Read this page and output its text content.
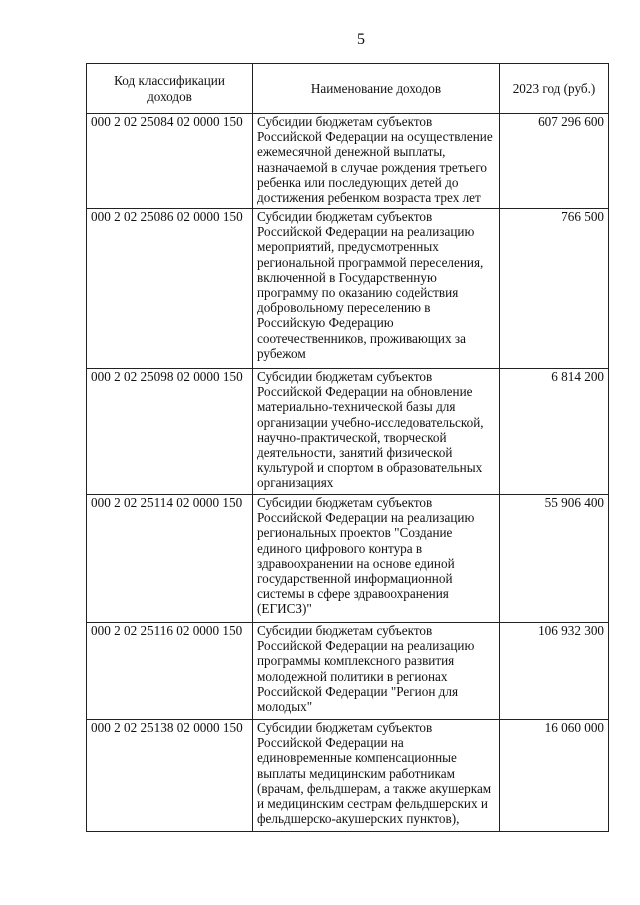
5
Код классификации доходов	Наименование доходов	2023 год (руб.)
000 2 02 25084 02 0000 150	Субсидии бюджетам субъектов Российской Федерации на осуществление ежемесячной денежной выплаты, назначаемой в случае рождения третьего ребенка или последующих детей до достижения ребенком возраста трех лет	607 296 600
000 2 02 25086 02 0000 150	Субсидии бюджетам субъектов Российской Федерации на реализацию мероприятий, предусмотренных региональной программой переселения, включенной в Государственную программу по оказанию содействия добровольному переселению в Российскую Федерацию соотечественников, проживающих за рубежом	766 500
000 2 02 25098 02 0000 150	Субсидии бюджетам субъектов Российской Федерации на обновление материально-технической базы для организации учебно-исследовательской, научно-практической, творческой деятельности, занятий физической культурой и спортом в образовательных организациях	6 814 200
000 2 02 25114 02 0000 150	Субсидии бюджетам субъектов Российской Федерации на реализацию региональных проектов "Создание единого цифрового контура в здравоохранении на основе единой государственной информационной системы в сфере здравоохранения (ЕГИСЗ)"	55 906 400
000 2 02 25116 02 0000 150	Субсидии бюджетам субъектов Российской Федерации на реализацию программы комплексного развития молодежной политики в регионах Российской Федерации "Регион для молодых"	106 932 300
000 2 02 25138 02 0000 150	Субсидии бюджетам субъектов Российской Федерации на единовременные компенсационные выплаты медицинским работникам (врачам, фельдшерам, а также акушеркам и медицинским сестрам фельдшерских и фельдшерско-акушерских пунктов),	16 060 000
